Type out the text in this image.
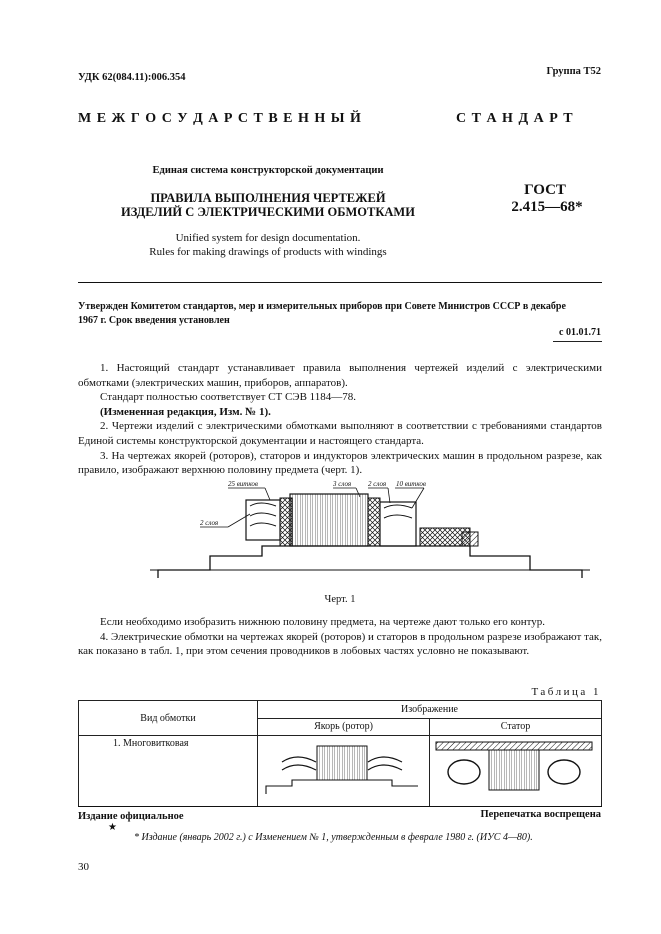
УДК 62(084.11):006.354
Группа Т52
М Е Ж Г О С У Д А Р С Т В Е Н Н Ы Й	С Т А Н Д А Р Т
Единая система конструкторской документации
ПРАВИЛА ВЫПОЛНЕНИЯ ЧЕРТЕЖЕЙ
ИЗДЕЛИЙ С ЭЛЕКТРИЧЕСКИМИ ОБМОТКАМИ
ГОСТ
2.415—68*
Unified system for design documentation.
Rules for making drawings of products with windings
Утвержден Комитетом стандартов, мер и измерительных приборов при Совете Министров СССР в декабре
1967 г. Срок введения установлен
с 01.01.71
1. Настоящий стандарт устанавливает правила выполнения чертежей изделий с электрическими обмотками (электрических машин, приборов, аппаратов).
Стандарт полностью соответствует СТ СЭВ 1184—78.
(Измененная редакция, Изм. № 1).
2. Чертежи изделий с электрическими обмотками выполняют в соответствии с требованиями стандартов Единой системы конструкторской документации и настоящего стандарта.
3. На чертежах якорей (роторов), статоров и индукторов электрических машин в продольном разрезе, как правило, изображают верхнюю половину предмета (черт. 1).
25 витков	3 слоя 2 слоя 10 витков
2 слоя
Черт. 1
Если необходимо изобразить нижнюю половину предмета, на чертеже дают только его контур.
4. Электрические обмотки на чертежах якорей (роторов) и статоров в продольном разрезе изображают так, как показано в табл. 1, при этом сечения проводников в лобовых частях условно не показывают.
Таблица 1
Вид обмотки	Изображение	
	Якорь (ротор)	Статор
1. Многовитковая		
Издание официальное	Перепечатка воспрещена
★
* Издание (январь 2002 г.) с Изменением № 1, утвержденным в феврале 1980 г. (ИУС 4—80).
30
